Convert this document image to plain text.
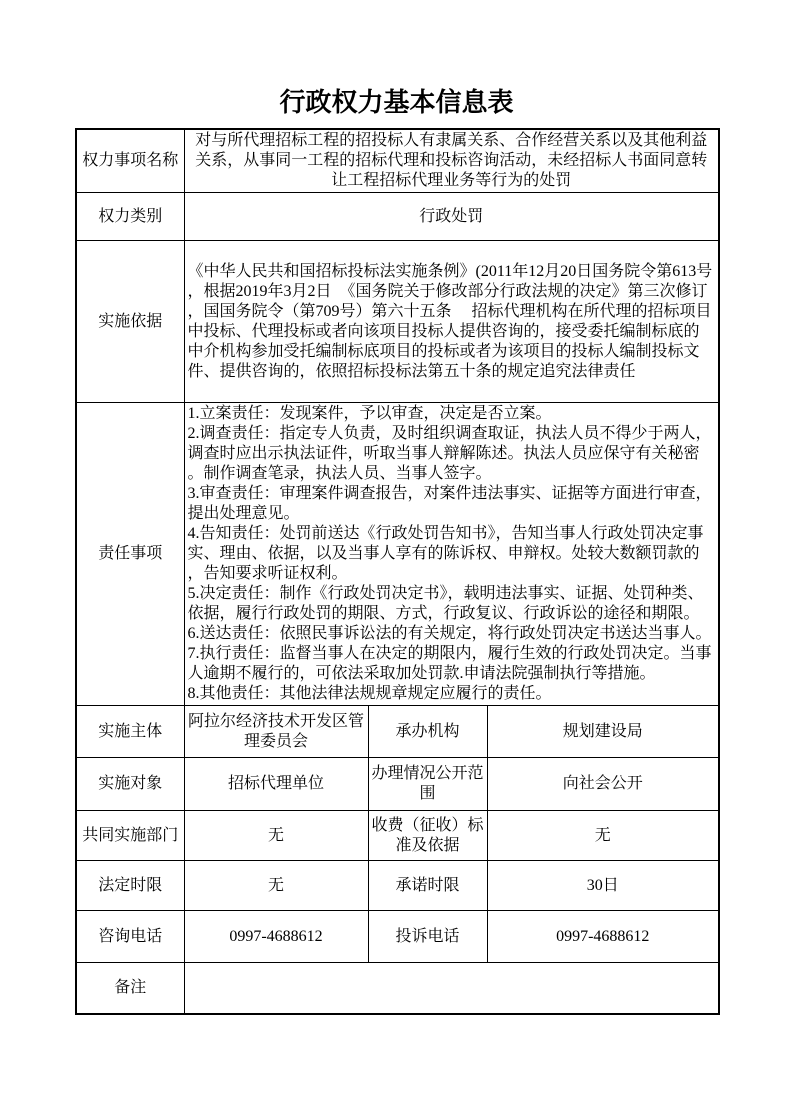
行政权力基本信息表
权力事项名称	对与所代理招标工程的招投标人有隶属关系、合作经营关系以及其他利益关系，从事同一工程的招标代理和投标咨询活动，未经招标人书面同意转让工程招标代理业务等行为的处罚		
权力类别	行政处罚		
实施依据	《中华人民共和国招标投标法实施条例》(2011年12月20日国务院令第613号，根据2019年3月2日　《国务院关于修改部分行政法规的决定》第三次修订，国国务院令（第709号）第六十五条　 招标代理机构在所代理的招标项目中投标、代理投标或者向该项目投标人提供咨询的，接受委托编制标底的中介机构参加受托编制标底项目的投标或者为该项目的投标人编制投标文件、提供咨询的，依照招标投标法第五十条的规定追究法律责任		
责任事项	
1.立案责任：发现案件，予以审查，决定是否立案。
2.调查责任：指定专人负责，及时组织调查取证，执法人员不得少于两人，调查时应出示执法证件，听取当事人辩解陈述。执法人员应保守有关秘密。制作调查笔录，执法人员、当事人签字。
3.审查责任：审理案件调查报告，对案件违法事实、证据等方面进行审查，提出处理意见。
4.告知责任：处罚前送达《行政处罚告知书》，告知当事人行政处罚决定事实、理由、依据，以及当事人享有的陈诉权、申辩权。处较大数额罚款的，告知要求听证权利。
5.决定责任：制作《行政处罚决定书》，载明违法事实、证据、处罚种类、依据，履行行政处罚的期限、方式，行政复议、行政诉讼的途径和期限。
6.送达责任：依照民事诉讼法的有关规定，将行政处罚决定书送达当事人。
7.执行责任：监督当事人在决定的期限内，履行生效的行政处罚决定。当事人逾期不履行的，可依法采取加处罚款.申请法院强制执行等措施。
8.其他责任：其他法律法规规章规定应履行的责任。

实施主体	阿拉尔经济技术开发区管理委员会	承办机构	规划建设局
实施对象	招标代理单位	办理情况公开范围	向社会公开
共同实施部门	无	收费（征收）标准及依据	无
法定时限	无	承诺时限	30日
咨询电话	0997-4688612	投诉电话	0997-4688612
备注			
